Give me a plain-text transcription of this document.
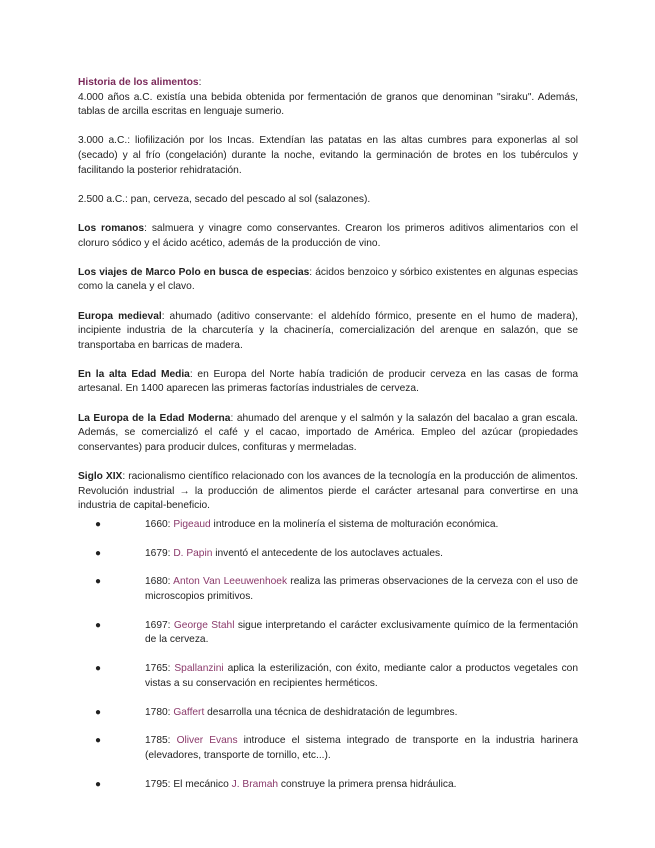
Historia de los alimentos:

4.000 años a.C. existía una bebida obtenida por fermentación de granos que denominan "siraku". Además, tablas de arcilla escritas en lenguaje sumerio.

3.000 a.C.: liofilización por los Incas. Extendían las patatas en las altas cumbres para exponerlas al sol (secado) y al frío (congelación) durante la noche, evitando la germinación de brotes en los tubérculos y facilitando la posterior rehidratación.

2.500 a.C.: pan, cerveza, secado del pescado al sol (salazones).

Los romanos: salmuera y vinagre como conservantes. Crearon los primeros aditivos alimentarios con el cloruro sódico y el ácido acético, además de la producción de vino.

Los viajes de Marco Polo en busca de especias: ácidos benzoico y sórbico existentes en algunas especias como la canela y el clavo.

Europa medieval: ahumado (aditivo conservante: el aldehído fórmico, presente en el humo de madera), incipiente industria de la charcutería y la chacinería, comercialización del arenque en salazón, que se transportaba en barricas de madera.

En la alta Edad Media: en Europa del Norte había tradición de producir cerveza en las casas de forma artesanal. En 1400 aparecen las primeras factorías industriales de cerveza.

La Europa de la Edad Moderna: ahumado del arenque y el salmón y la salazón del bacalao a gran escala. Además, se comercializó el café y el cacao, importado de América. Empleo del azúcar (propiedades conservantes) para producir dulces, confituras y mermeladas.

Siglo XIX: racionalismo científico relacionado con los avances de la tecnología en la producción de alimentos. Revolución industrial → la producción de alimentos pierde el carácter artesanal para convertirse en una industria de capital-beneficio.

●	1660: Pigeaud introduce en la molinería el sistema de molturación económica.
●	1679: D. Papin inventó el antecedente de los autoclaves actuales.
●	1680: Anton Van Leeuwenhoek realiza las primeras observaciones de la cerveza con el uso de microscopios primitivos.
●	1697: George Stahl sigue interpretando el carácter exclusivamente químico de la fermentación de la cerveza.
●	1765: Spallanzini aplica la esterilización, con éxito, mediante calor a productos vegetales con vistas a su conservación en recipientes herméticos.
●	1780: Gaffert desarrolla una técnica de deshidratación de legumbres.
●	1785: Oliver Evans introduce el sistema integrado de transporte en la industria harinera (elevadores, transporte de tornillo, etc...).
●	1795: El mecánico J. Bramah construye la primera prensa hidráulica.
